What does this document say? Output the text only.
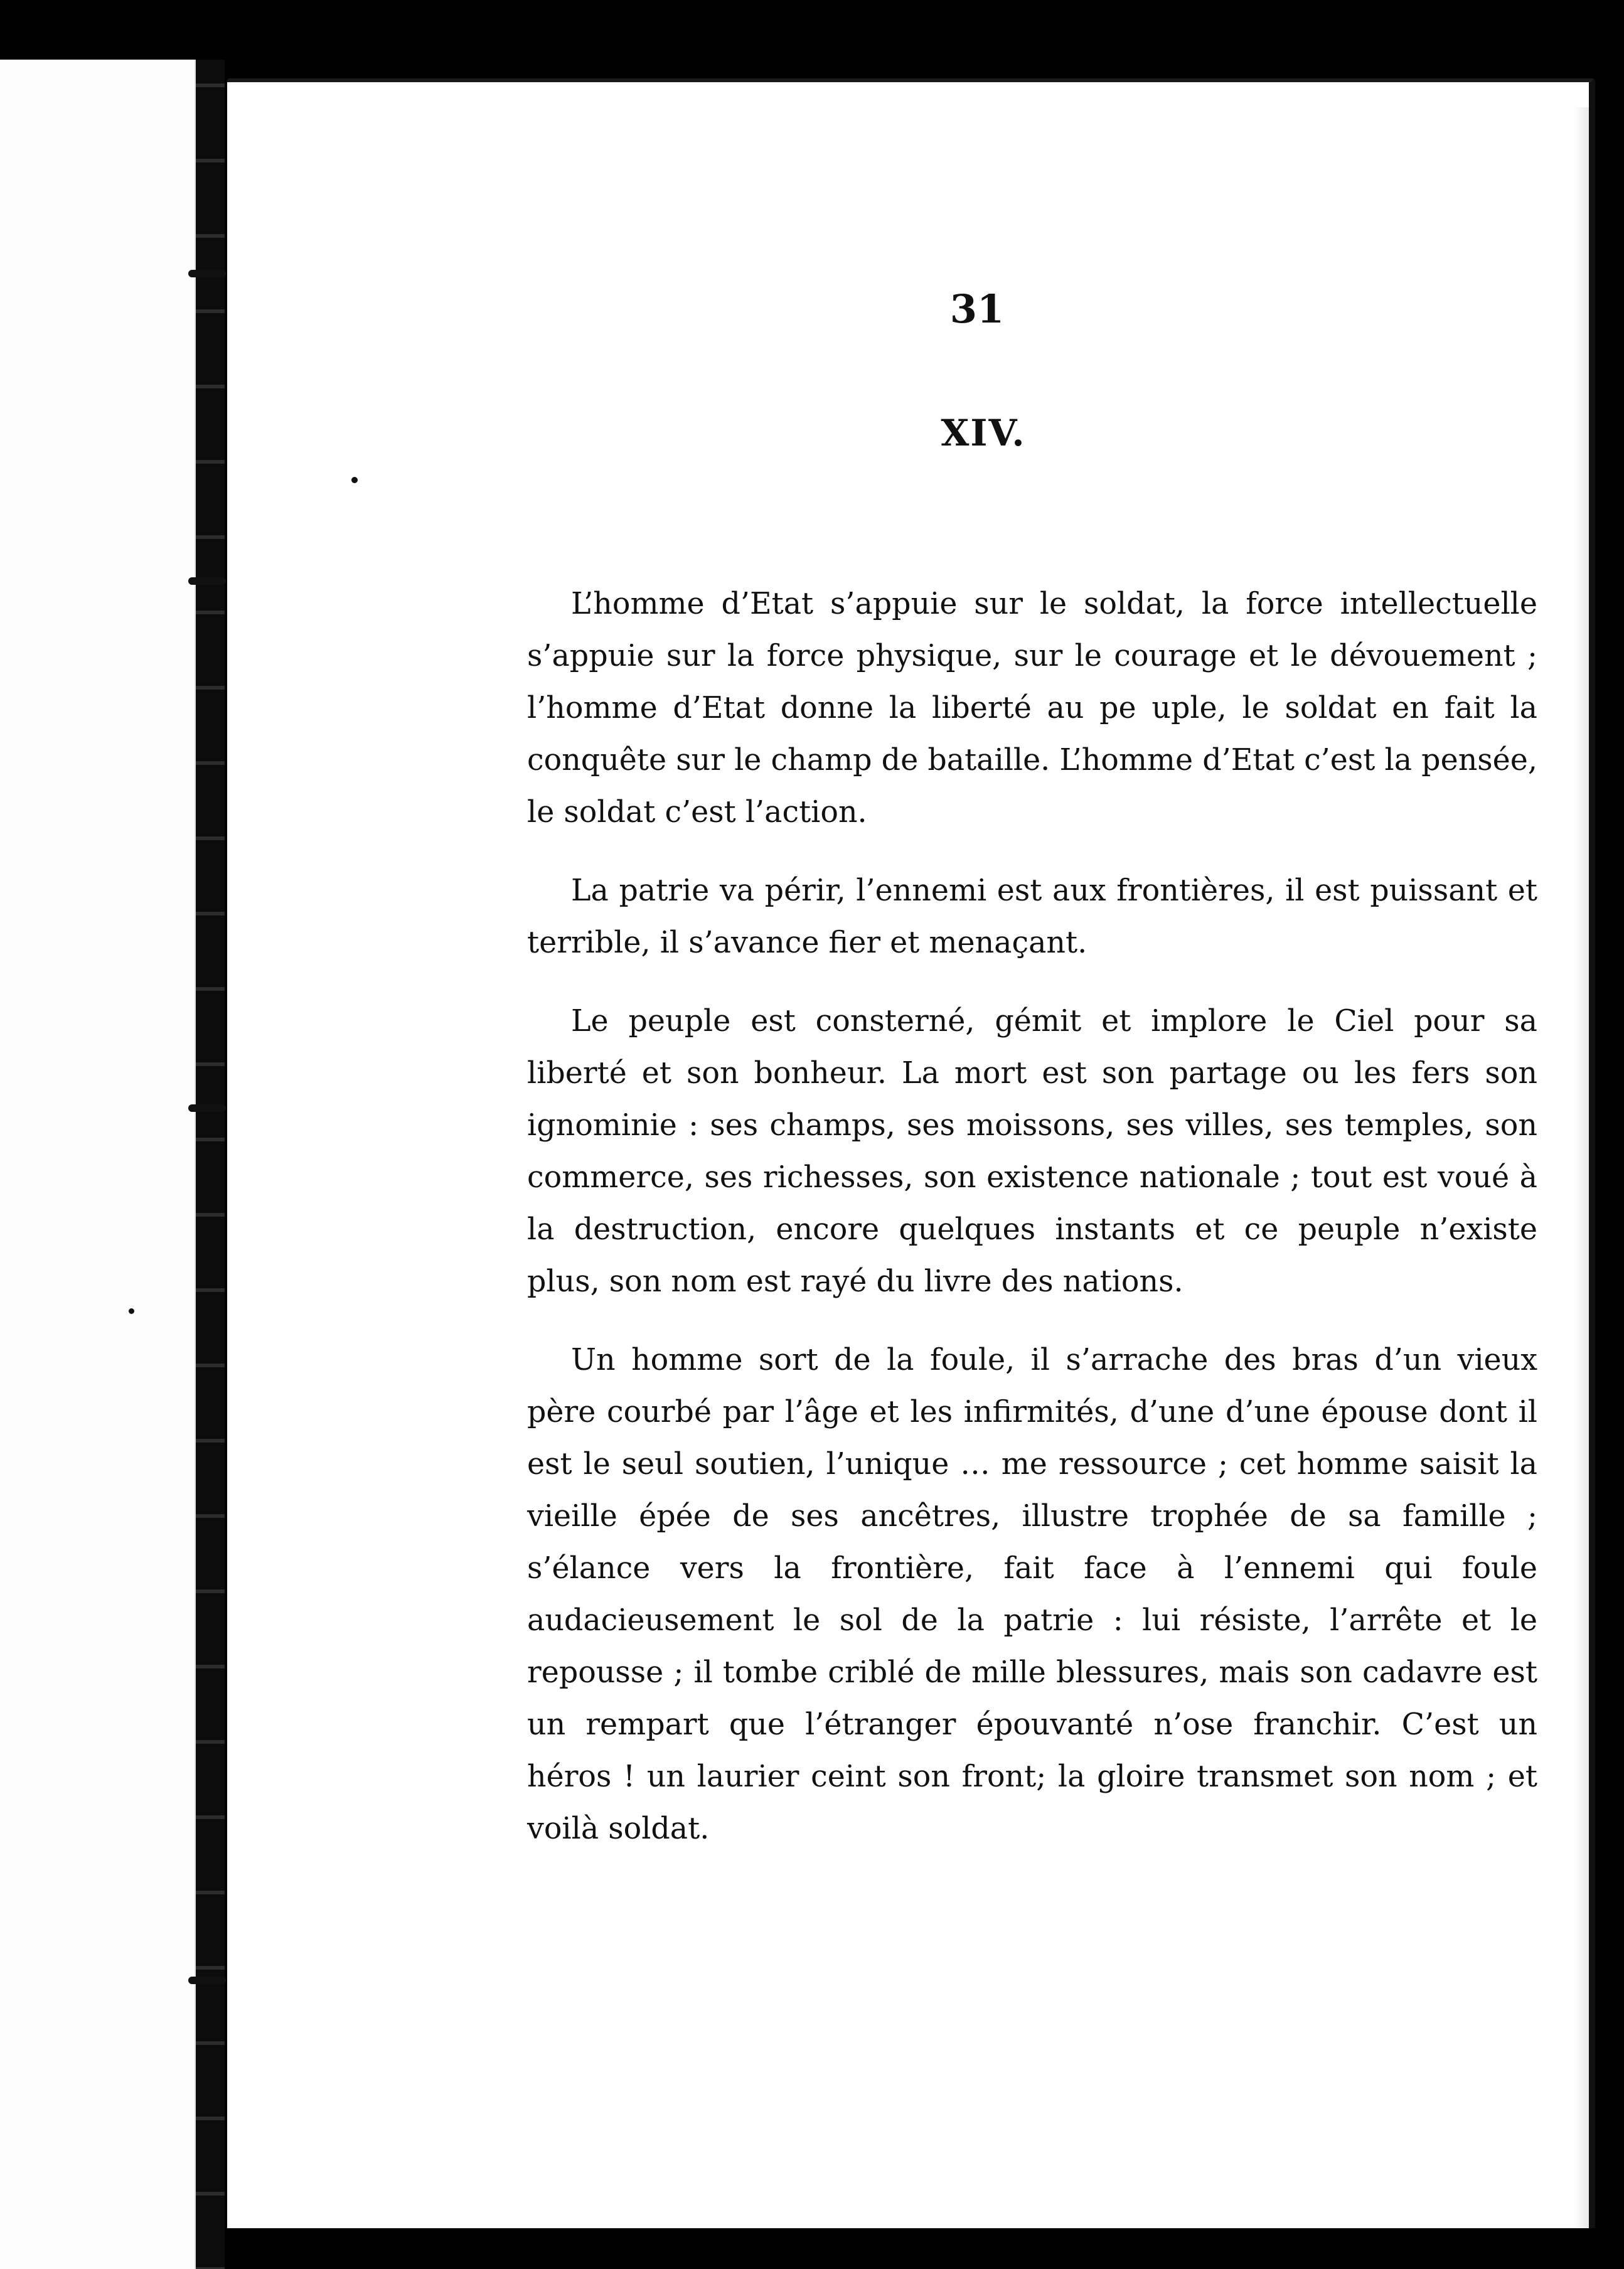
31

XIV.

L’homme d’Etat s’appuie sur le soldat, la force intellectuelle s’appuie sur la force physique, sur le courage et le dévouement ; l’homme d’Etat donne la liberté au pe uple, le soldat en fait la conquête sur le champ de bataille. L’homme d’Etat c’est la pensée, le soldat c’est l’action.

La patrie va périr, l’ennemi est aux frontières, il est puissant et terrible, il s’avance fier et menaçant.

Le peuple est consterné, gémit et implore le Ciel pour sa liberté et son bonheur. La mort est son partage ou les fers son ignominie : ses champs, ses moissons, ses villes, ses temples, son commerce, ses richesses, son existence nationale ; tout est voué à la destruction, encore quelques instants et ce peuple n’existe plus, son nom est rayé du livre des nations.

Un homme sort de la foule, il s’arrache des bras d’un vieux père courbé par l’âge et les infirmités, d’une d’une épouse dont il est le seul soutien, l’unique … me ressource ; cet homme saisit la vieille épée de ses ancêtres, illustre trophée de sa famille ; s’élance vers la frontière, fait face à l’ennemi qui foule audacieusement le sol de la patrie : lui résiste, l’arrête et le repousse ; il tombe criblé de mille blessures, mais son cadavre est un rempart que l’étranger épouvanté n’ose franchir. C’est un héros ! un laurier ceint son front; la gloire transmet son nom ; et voilà soldat.
